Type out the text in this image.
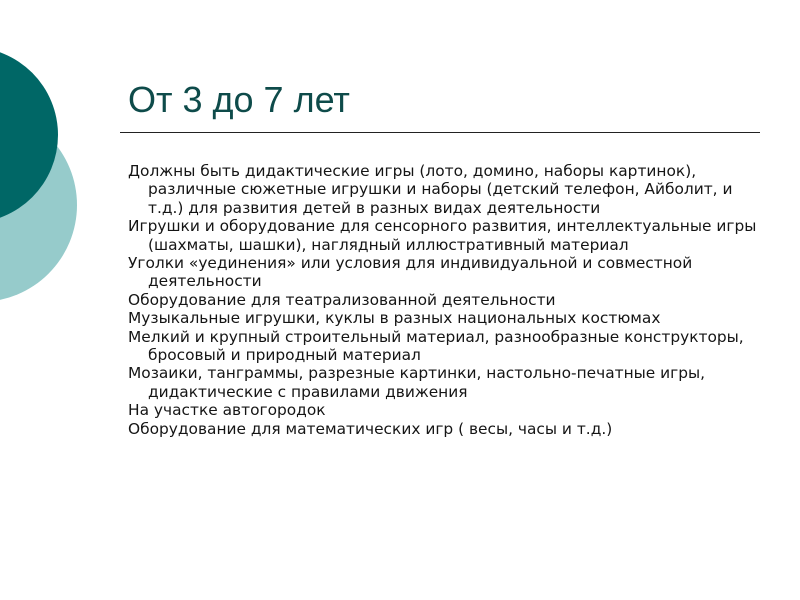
От 3 до 7 лет
Должны быть дидактические игры (лото, домино, наборы картинок), различные сюжетные игрушки и наборы (детский телефон, Айболит, и т.д.) для развития детей в разных видах деятельности
Игрушки и оборудование для сенсорного развития, интеллектуальные игры (шахматы, шашки), наглядный иллюстративный материал
Уголки «уединения» или условия для индивидуальной и совместной деятельности
Оборудование для театрализованной деятельности
Музыкальные игрушки, куклы в разных национальных костюмах
Мелкий и крупный строительный материал, разнообразные конструкторы, бросовый и природный материал
Мозаики, танграммы, разрезные картинки, настольно-печатные игры, дидактические с правилами движения
На участке автогородок
Оборудование для математических игр ( весы, часы и т.д.)
